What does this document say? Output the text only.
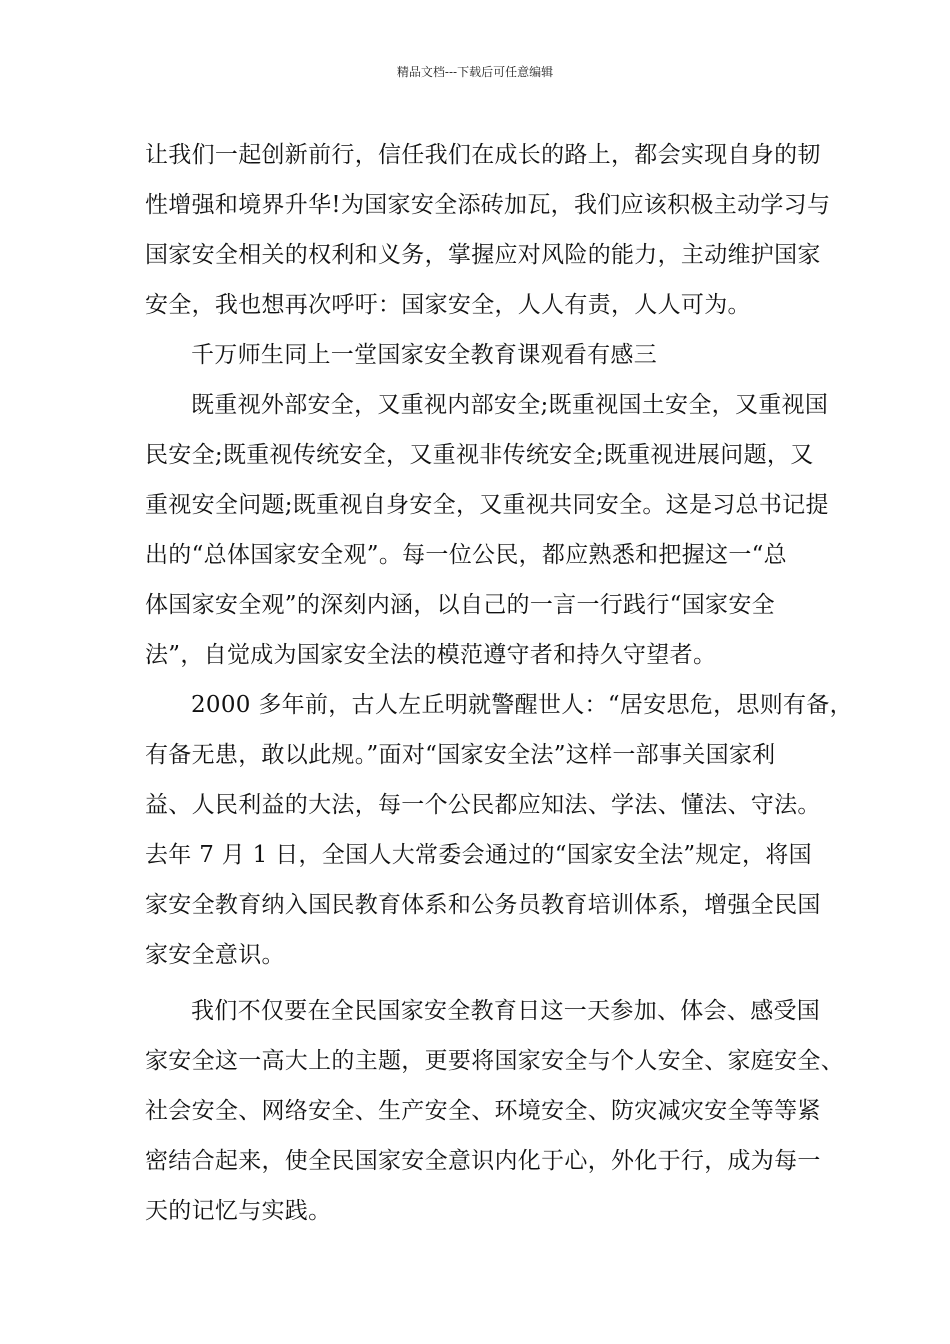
精品文档---下载后可任意编辑
让我们一起创新前行，信任我们在成长的路上，都会实现自身的韧
性增强和境界升华!为国家安全添砖加瓦，我们应该积极主动学习与
国家安全相关的权利和义务，掌握应对风险的能力，主动维护国家
安全，我也想再次呼吁：国家安全，人人有责，人人可为。
千万师生同上一堂国家安全教育课观看有感三
既重视外部安全，又重视内部安全;既重视国土安全，又重视国
民安全;既重视传统安全，又重视非传统安全;既重视进展问题，又
重视安全问题;既重视自身安全，又重视共同安全。这是习总书记提
出的“总体国家安全观”。每一位公民，都应熟悉和把握这一“总
体国家安全观”的深刻内涵，以自己的一言一行践行“国家安全
法”，自觉成为国家安全法的模范遵守者和持久守望者。
2000 多年前，古人左丘明就警醒世人：“居安思危，思则有备，
有备无患，敢以此规。”面对“国家安全法”这样一部事关国家利
益、人民利益的大法，每一个公民都应知法、学法、懂法、守法。
去年 7 月 1 日，全国人大常委会通过的“国家安全法”规定，将国
家安全教育纳入国民教育体系和公务员教育培训体系，增强全民国
家安全意识。
我们不仅要在全民国家安全教育日这一天参加、体会、感受国
家安全这一高大上的主题，更要将国家安全与个人安全、家庭安全、
社会安全、网络安全、生产安全、环境安全、防灾减灾安全等等紧
密结合起来，使全民国家安全意识内化于心，外化于行，成为每一
天的记忆与实践。
